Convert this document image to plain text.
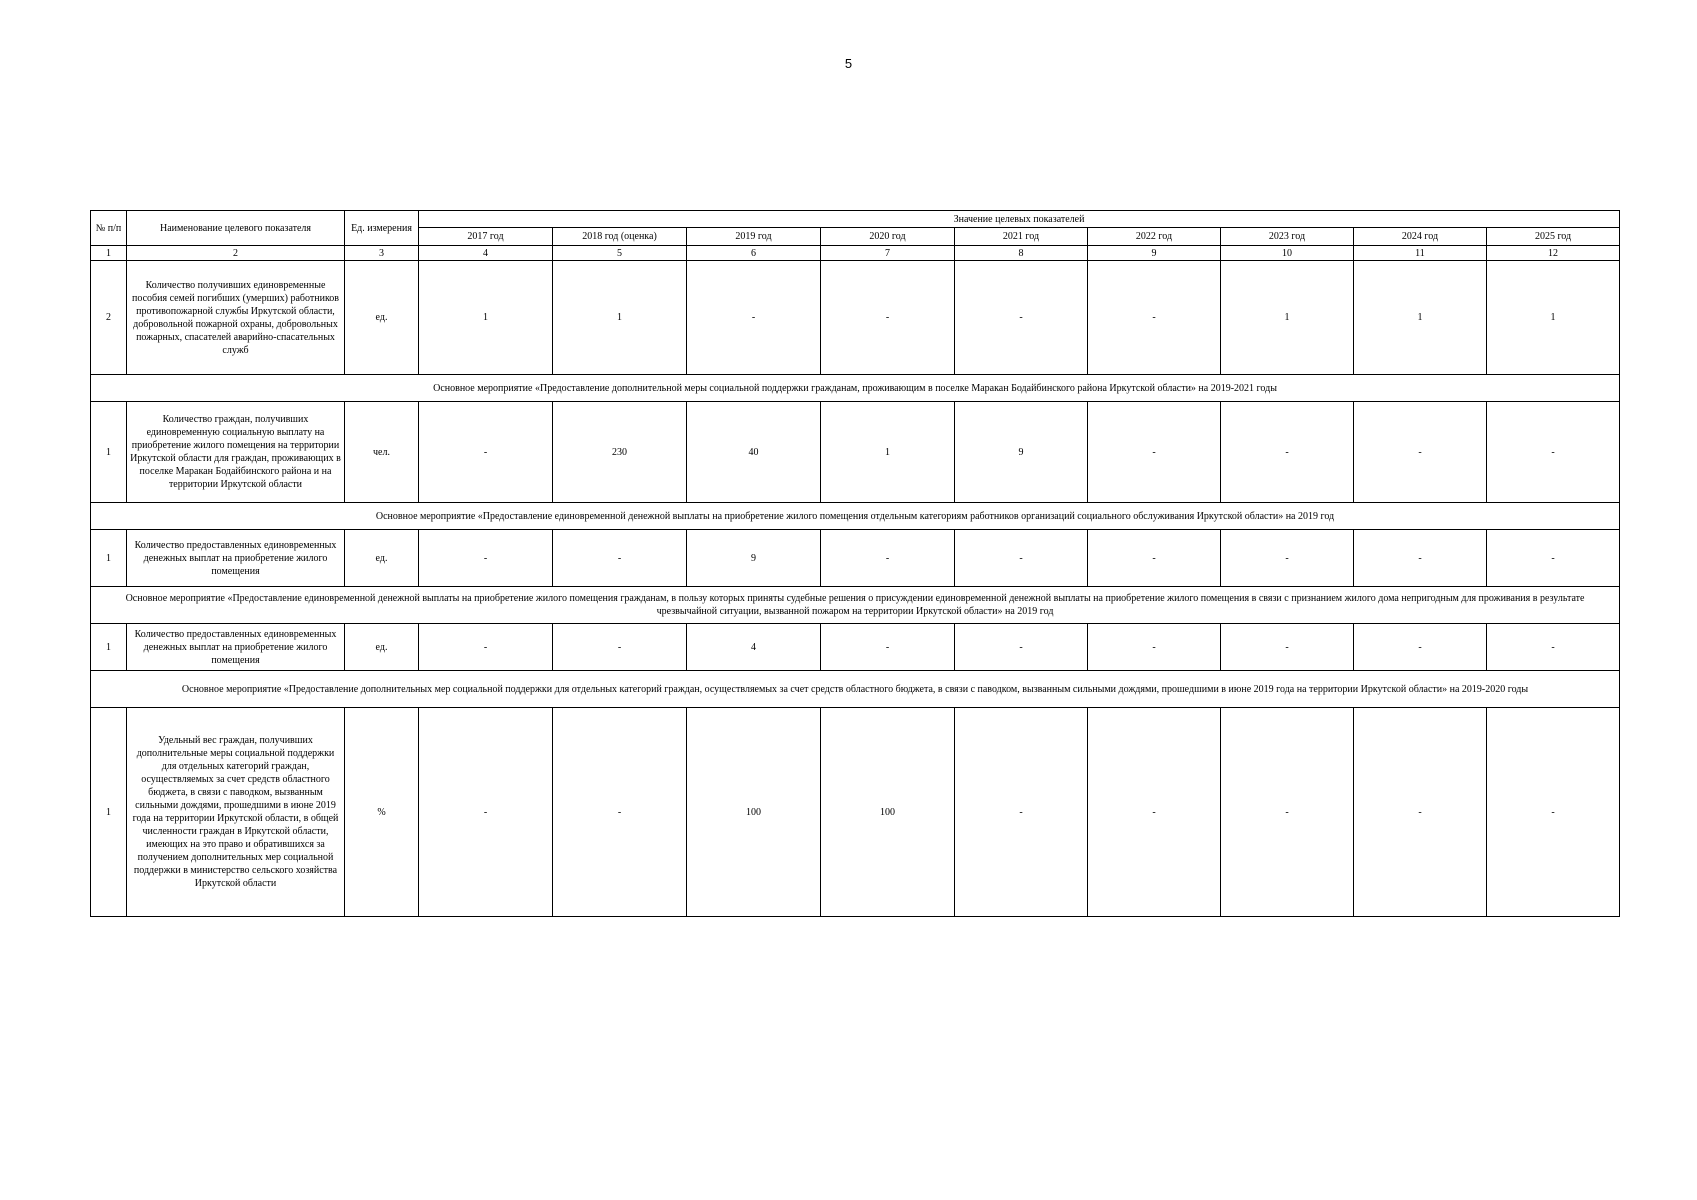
5
№ п/п	Наименование целевого показателя	Ед. измерения	Значение целевых показателей								
			2017 год	2018 год (оценка)	2019 год	2020 год	2021 год	2022 год	2023 год	2024 год	2025 год
1	2	3	4	5	6	7	8	9	10	11	12
2	Количество получивших единовременные пособия семей погибших (умерших) работников противопожарной службы Иркутской области, добровольной пожарной охраны, добровольных пожарных, спасателей аварийно-спасательных служб	ед.	1	1	-	-	-	-	1	1	1
Основное мероприятие «Предоставление дополнительной меры социальной поддержки гражданам, проживающим в поселке Маракан Бодайбинского района Иркутской области» на 2019-2021 годы											
1	Количество граждан, получивших единовременную социальную выплату на приобретение жилого помещения на территории Иркутской области для граждан, проживающих в поселке Маракан Бодайбинского района и на территории Иркутской области	чел.	-	230	40	1	9	-	-	-	-
Основное мероприятие «Предоставление единовременной денежной выплаты на приобретение жилого помещения отдельным категориям работников организаций социального обслуживания Иркутской области» на 2019 год											
1	Количество предоставленных единовременных денежных выплат на приобретение жилого помещения	ед.	-	-	9	-	-	-	-	-	-
Основное мероприятие «Предоставление единовременной денежной выплаты на приобретение жилого помещения гражданам, в пользу которых приняты судебные решения о присуждении единовременной денежной выплаты на приобретение жилого помещения в связи с признанием жилого дома непригодным для проживания в результате чрезвычайной ситуации, вызванной пожаром на территории Иркутской области» на 2019 год											
1	Количество предоставленных единовременных денежных выплат на приобретение жилого помещения	ед.	-	-	4	-	-	-	-	-	-
Основное мероприятие «Предоставление дополнительных мер социальной поддержки для отдельных категорий граждан, осуществляемых за счет средств областного бюджета, в связи с паводком, вызванным сильными дождями, прошедшими в июне 2019 года на территории Иркутской области» на 2019-2020 годы											
1	Удельный вес граждан, получивших дополнительные меры социальной поддержки для отдельных категорий граждан, осуществляемых за счет средств областного бюджета, в связи с паводком, вызванным сильными дождями, прошедшими в июне 2019 года на территории Иркутской области, в общей численности граждан в Иркутской области, имеющих на это право и обратившихся за получением дополнительных мер социальной поддержки в министерство сельского хозяйства Иркутской области	%	-	-	100	100	-	-	-	-	-
